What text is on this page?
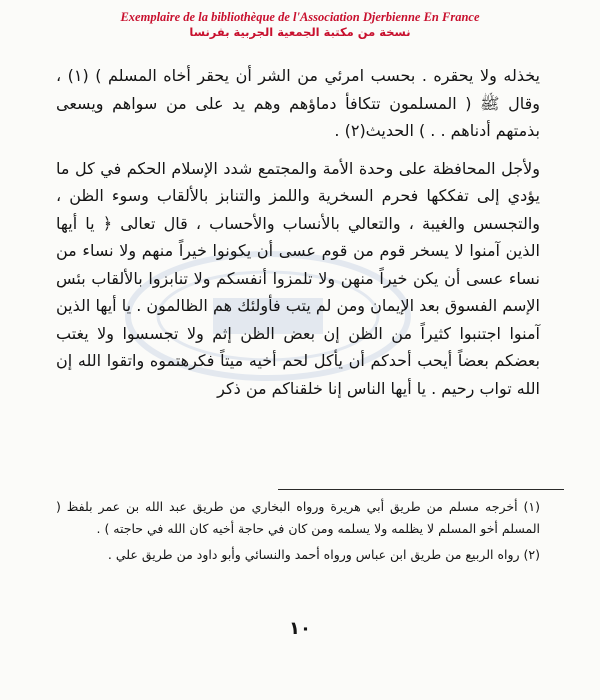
Exemplaire de la bibliothèque de l'Association Djerbienne En France
نسخة من مكتبة الجمعية الجربية بفرنسا

يخذله ولا يحقره . بحسب امرئي من الشر أن يحقر أخاه المسلم ) (١) ، وقال ﷺ ( المسلمون تتكافأ دماؤهم وهم يد على من سواهم ويسعى بذمتهم أدناهم . . ) الحديث(٢) .

ولأجل المحافظة على وحدة الأمة والمجتمع شدد الإسلام الحكم في كل ما يؤدي إلى تفككها فحرم السخرية واللمز والتنابز بالألقاب وسوء الظن ، والتجسس والغيبة ، والتعالي بالأنساب والأحساب ، قال تعالى ﴿ يا أيها الذين آمنوا لا يسخر قوم من قوم عسى أن يكونوا خيراً منهم ولا نساء من نساء عسى أن يكن خيراً منهن ولا تلمزوا أنفسكم ولا تنابزوا بالألقاب بئس الإسم الفسوق بعد الإيمان ومن لم يتب فأولئك هم الظالمون . يا أيها الذين آمنوا اجتنبوا كثيراً من الظن إن بعض الظن إثم ولا تجسسوا ولا يغتب بعضكم بعضاً أيحب أحدكم أن يأكل لحم أخيه ميتاً فكرهتموه واتقوا الله إن الله تواب رحيم . يا أيها الناس إنا خلقناكم من ذكر

(١) أخرجه مسلم من طريق أبي هريرة ورواه البخاري من طريق عبد الله بن عمر بلفظ ( المسلم أخو المسلم لا يظلمه ولا يسلمه ومن كان في حاجة أخيه كان الله في حاجته ) .

(٢) رواه الربيع من طريق ابن عباس ورواه أحمد والنسائي وأبو داود من طريق علي .

١٠
